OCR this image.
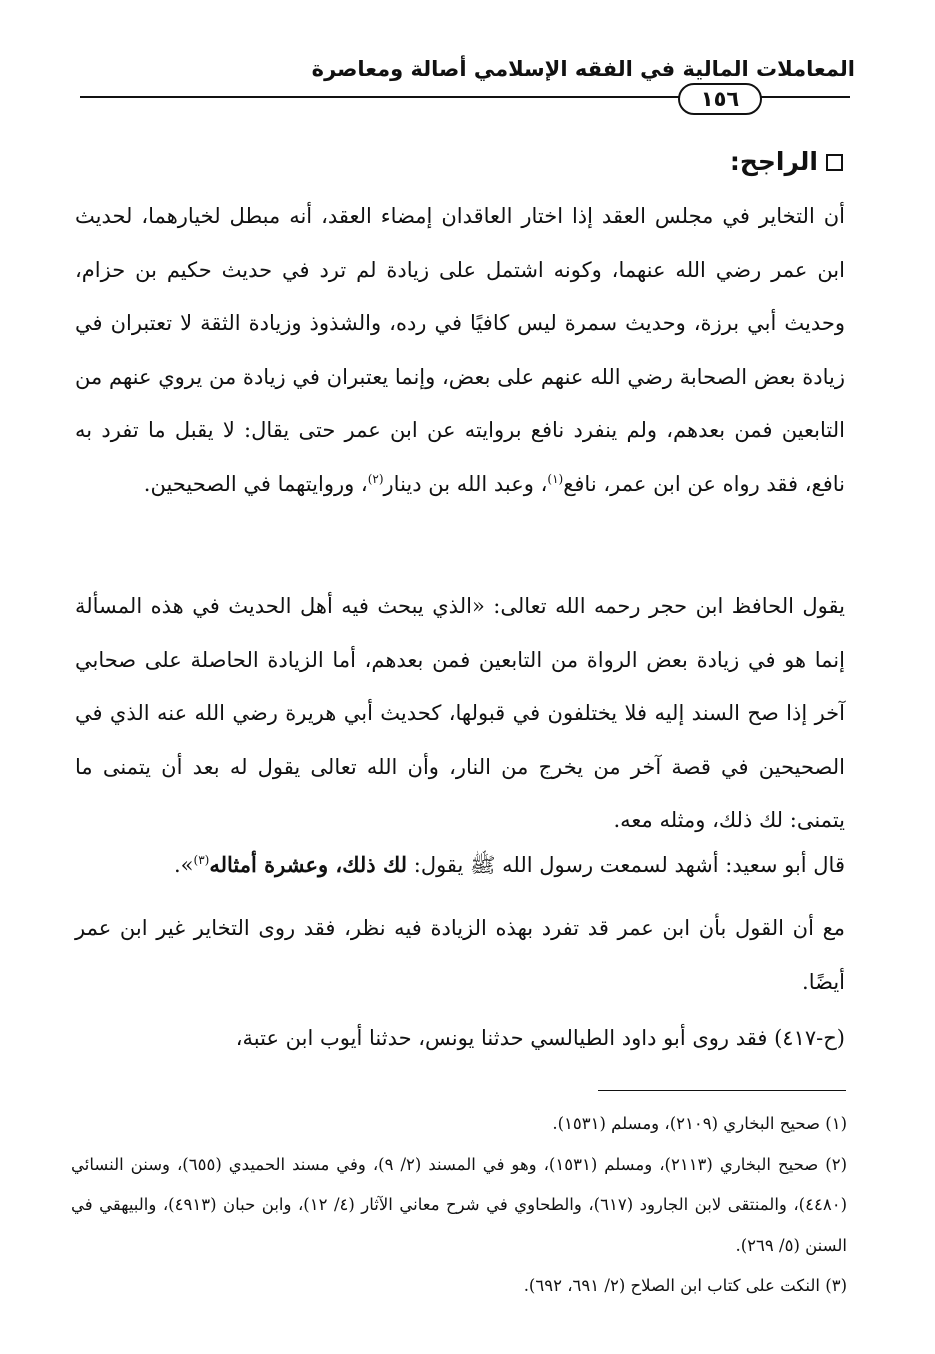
المعاملات المالية في الفقه الإسلامي أصالة ومعاصرة
١٥٦
الراجح:

أن التخاير في مجلس العقد إذا اختار العاقدان إمضاء العقد، أنه مبطل لخيارهما، لحديث ابن عمر رضي الله عنهما، وكونه اشتمل على زيادة لم ترد في حديث حكيم بن حزام، وحديث أبي برزة، وحديث سمرة ليس كافيًا في رده، والشذوذ وزيادة الثقة لا تعتبران في زيادة بعض الصحابة رضي الله عنهم على بعض، وإنما يعتبران في زيادة من يروي عنهم من التابعين فمن بعدهم، ولم ينفرد نافع بروايته عن ابن عمر حتى يقال: لا يقبل ما تفرد به نافع، فقد رواه عن ابن عمر، نافع$^{(١)}$، وعبد الله بن دينار$^{(٢)}$، وروايتهما في الصحيحين.

يقول الحافظ ابن حجر رحمه الله تعالى: «الذي يبحث فيه أهل الحديث في هذه المسألة إنما هو في زيادة بعض الرواة من التابعين فمن بعدهم، أما الزيادة الحاصلة على صحابي آخر إذا صح السند إليه فلا يختلفون في قبولها، كحديث أبي هريرة رضي الله عنه الذي في الصحيحين في قصة آخر من يخرج من النار، وأن الله تعالى يقول له بعد أن يتمنى ما يتمنى: لك ذلك، ومثله معه.

قال أبو سعيد: أشهد لسمعت رسول الله ﷺ يقول: لك ذلك، وعشرة أمثاله$^{(٣)}$».

مع أن القول بأن ابن عمر قد تفرد بهذه الزيادة فيه نظر، فقد روى التخاير غير ابن عمر أيضًا.

(ح-٤١٧) فقد روى أبو داود الطيالسي حدثنا يونس، حدثنا أيوب ابن عتبة،

(١) صحيح البخاري (٢١٠٩)، ومسلم (١٥٣١).

(٢) صحيح البخاري (٢١١٣)، ومسلم (١٥٣١)، وهو في المسند (٢/ ٩)، وفي مسند الحميدي (٦٥٥)، وسنن النسائي (٤٤٨٠)، والمنتقى لابن الجارود (٦١٧)، والطحاوي في شرح معاني الآثار (٤/ ١٢)، وابن حبان (٤٩١٣)، والبيهقي في السنن (٥/ ٢٦٩).

(٣) النكت على كتاب ابن الصلاح (٢/ ٦٩١، ٦٩٢).
